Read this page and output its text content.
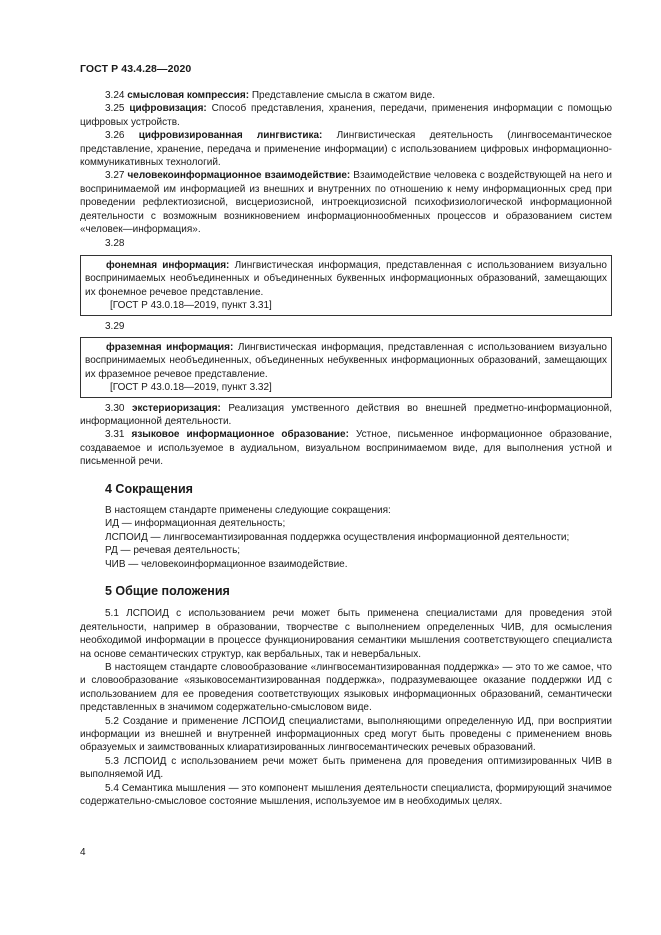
ГОСТ Р 43.4.28—2020

3.24 смысловая компрессия: Представление смысла в сжатом виде.

3.25 цифровизация: Способ представления, хранения, передачи, применения информации с помощью цифровых устройств.

3.26 цифровизированная лингвистика: Лингвистическая деятельность (лингвосемантическое представление, хранение, передача и применение информации) с использованием цифровых информационно-коммуникативных технологий.

3.27 человекоинформационное взаимодействие: Взаимодействие человека с воздействующей на него и воспринимаемой им информацией из внешних и внутренних по отношению к нему информационных сред при проведении рефлектиозисной, висцериозисной, интроекциозисной психофизиологической информационной деятельности с возможным возникновением информационнообменных процессов и образованием систем «человек—информация».

3.28

фонемная информация: Лингвистическая информация, представленная с использованием визуально воспринимаемых необъединенных и объединенных буквенных информационных образований, замещающих их фонемное речевое представление.

[ГОСТ Р 43.0.18—2019, пункт 3.31]

3.29

фраземная информация: Лингвистическая информация, представленная с использованием визуально воспринимаемых необъединенных, объединенных небуквенных информационных образований, замещающих их фраземное речевое представление.

[ГОСТ Р 43.0.18—2019, пункт 3.32]

3.30 экстериоризация: Реализация умственного действия во внешней предметно-информационной, информационной деятельности.

3.31 языковое информационное образование: Устное, письменное информационное образование, создаваемое и используемое в аудиальном, визуальном воспринимаемом виде, для выполнения устной и письменной речи.

4 Сокращения

В настоящем стандарте применены следующие сокращения:

ИД — информационная деятельность;

ЛСПОИД — лингвосемантизированная поддержка осуществления информационной деятельности;

РД — речевая деятельность;

ЧИВ — человекоинформационное взаимодействие.

5 Общие положения

5.1 ЛСПОИД с использованием речи может быть применена специалистами для проведения этой деятельности, например в образовании, творчестве с выполнением определенных ЧИВ, для осмысления необходимой информации в процессе функционирования семантики мышления соответствующего специалиста на основе семантических структур, как вербальных, так и невербальных.

В настоящем стандарте словообразование «лингвосемантизированная поддержка» — это то же самое, что и словообразование «языковосемантизированная поддержка», подразумевающее оказание поддержки ИД с использованием для ее проведения соответствующих языковых информационных образований, семантически представленных в значимом содержательно-смысловом виде.

5.2 Создание и применение ЛСПОИД специалистами, выполняющими определенную ИД, при восприятии информации из внешней и внутренней информационных сред могут быть проведены с применением вновь образуемых и заимствованных клиаратизированных лингвосемантических речевых образований.

5.3 ЛСПОИД с использованием речи может быть применена для проведения оптимизированных ЧИВ в выполняемой ИД.

5.4 Семантика мышления — это компонент мышления деятельности специалиста, формирующий значимое содержательно-смысловое состояние мышления, используемое им в необходимых целях.

4
